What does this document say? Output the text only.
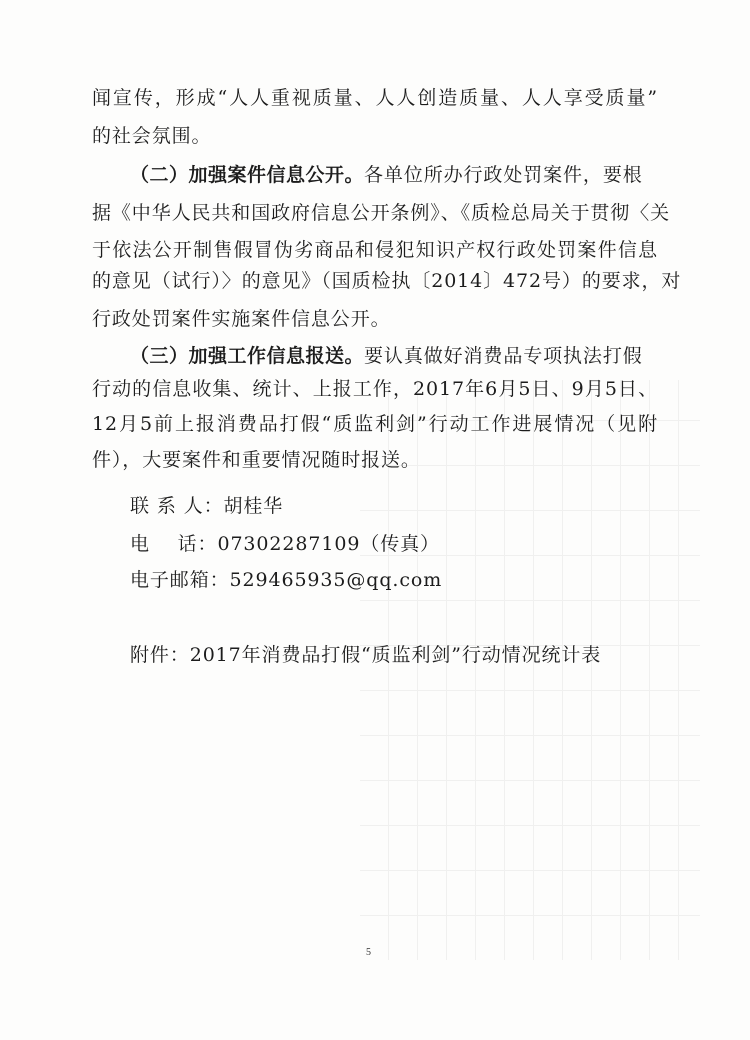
闻宣传，形成“人人重视质量、人人创造质量、人人享受质量”
的社会氛围。
（二）加强案件信息公开。各单位所办行政处罚案件，要根
据《中华人民共和国政府信息公开条例》、《质检总局关于贯彻〈关
于依法公开制售假冒伪劣商品和侵犯知识产权行政处罚案件信息
的意见（试行）〉的意见》（国质检执〔2014〕472号）的要求，对
行政处罚案件实施案件信息公开。
（三）加强工作信息报送。要认真做好消费品专项执法打假
行动的信息收集、统计、上报工作，2017年6月5日、9月5日、
12月5前上报消费品打假“质监利剑”行动工作进展情况（见附
件），大要案件和重要情况随时报送。
联 系 人：胡桂华
电    话：07302287109（传真）
电子邮箱：529465935@qq.com
附件：2017年消费品打假“质监利剑”行动情况统计表
5
